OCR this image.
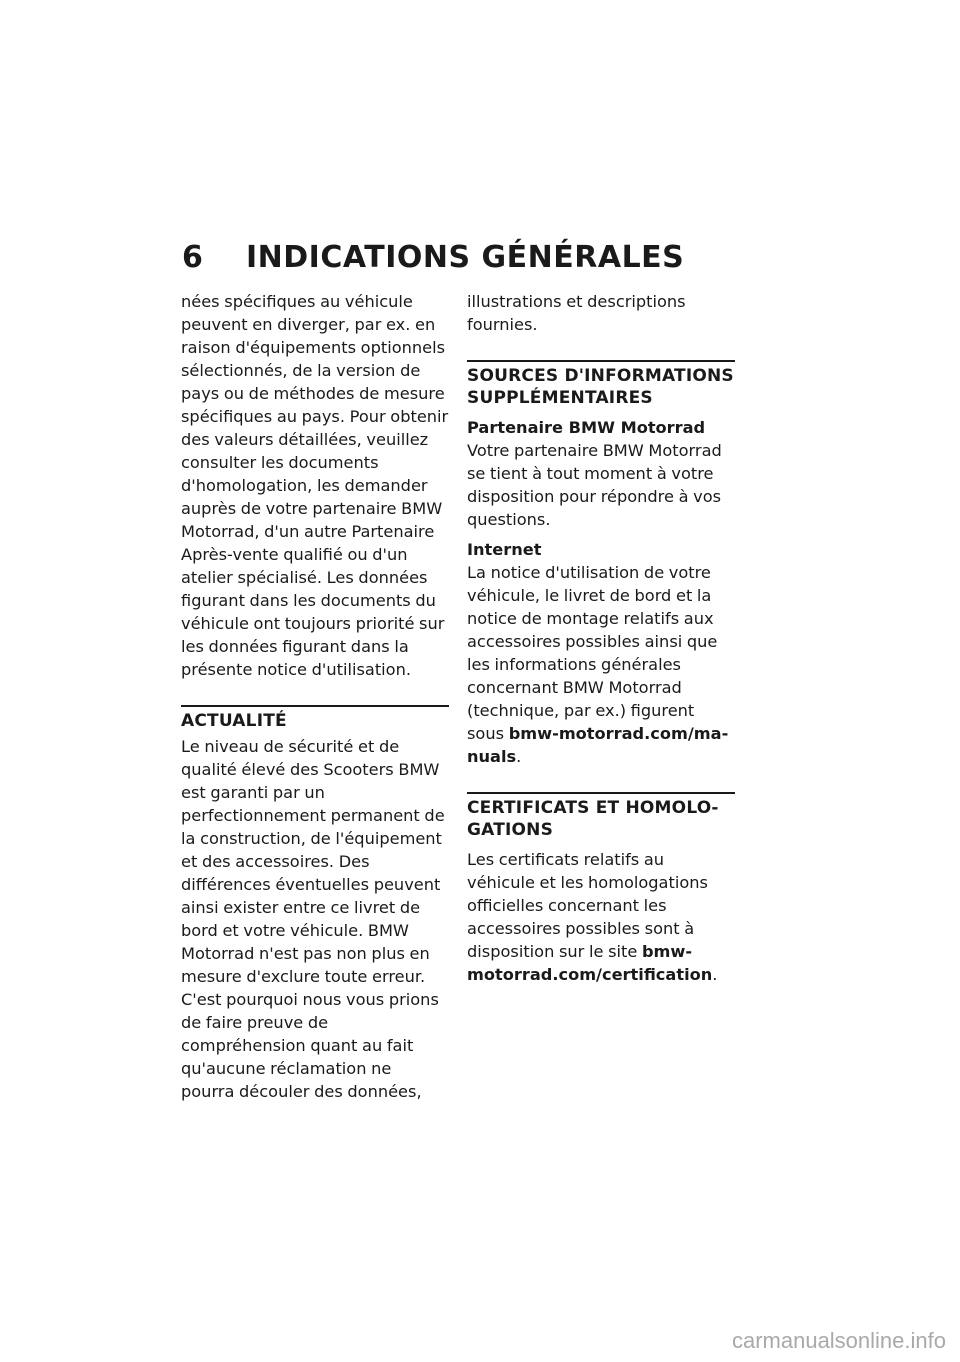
6 INDICATIONS GÉNÉRALES

nées spécifiques au véhicule peuvent en diverger, par ex. en raison d'équipements optionnels sélectionnés, de la version de pays ou de méthodes de mesure spécifiques au pays. Pour obtenir des valeurs détaillées, veuillez consulter les documents d'homologation, les demander auprès de votre partenaire BMW Motorrad, d'un autre Partenaire Après-vente qualifié ou d'un atelier spécialisé. Les données figurant dans les documents du véhicule ont toujours priorité sur les données figurant dans la présente notice d'utilisation.

ACTUALITÉ

Le niveau de sécurité et de qualité élevé des Scooters BMW est garanti par un perfectionnement permanent de la construction, de l'équipement et des accessoires. Des différences éventuelles peuvent ainsi exister entre ce livret de bord et votre véhicule. BMW Motorrad n'est pas non plus en mesure d'exclure toute erreur. C'est pourquoi nous vous prions de faire preuve de compréhension quant au fait qu'aucune réclamation ne pourra découler des données,

illustrations et descriptions fournies.

SOURCES D'INFORMATIONS SUPPLÉMENTAIRES

Partenaire BMW Motorrad

Votre partenaire BMW Motorrad se tient à tout moment à votre disposition pour répondre à vos questions.

Internet

La notice d'utilisation de votre véhicule, le livret de bord et la notice de montage relatifs aux accessoires possibles ainsi que les informations générales concernant BMW Motorrad (technique, par ex.) figurent sous bmw-motorrad.com/manuals.

CERTIFICATS ET HOMOLOGATIONS

Les certificats relatifs au véhicule et les homologations officielles concernant les accessoires possibles sont à disposition sur le site bmw-motorrad.com/certification.

carmanualsonline.info
